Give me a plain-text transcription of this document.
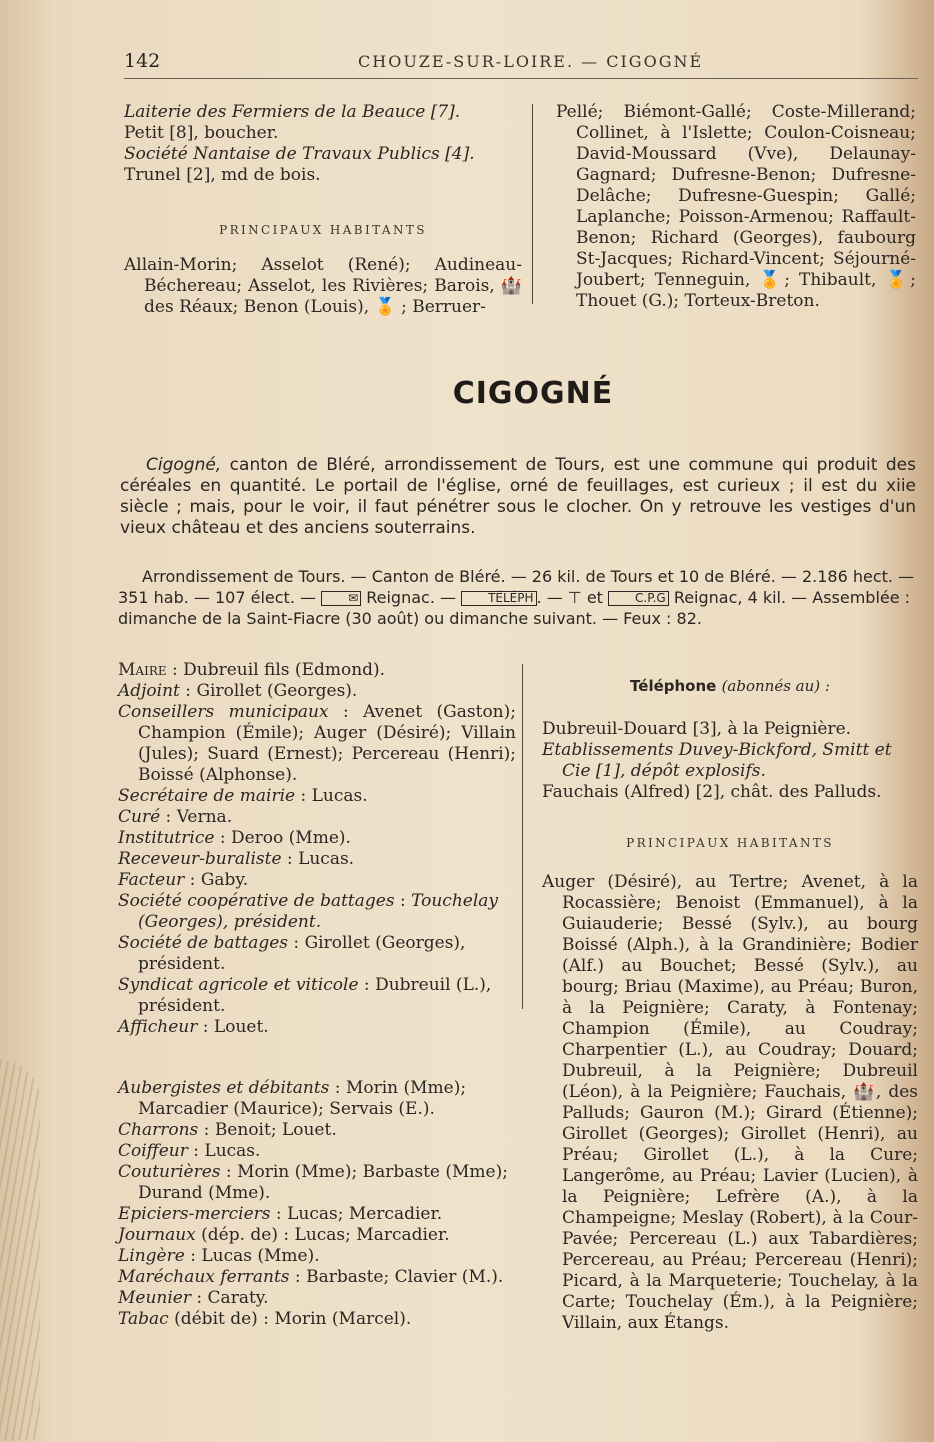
142	CHOUZE-SUR-LOIRE. — CIGOGNÉ

Laiterie des Fermiers de la Beauce [7].

Petit [8], boucher.

Société Nantaise de Travaux Publics [4].

Trunel [2], md de bois.

PRINCIPAUX HABITANTS

Allain-Morin; Asselot (René); Audineau-Béchereau; Asselot, les Rivières; Barois, 🏰 des Réaux; Benon (Louis), 🏅 ; Berruer-

Pellé; Biémont-Gallé; Coste-Millerand; Collinet, à l'Islette; Coulon-Coisneau; David-Moussard (Vve), Delaunay-Gagnard; Dufresne-Benon; Dufresne-Delâche; Dufresne-Guespin; Gallé; Laplanche; Poisson-Armenou; Raffault-Benon; Richard (Georges), faubourg St-Jacques; Richard-Vincent; Séjourné-Joubert; Tenneguin, 🏅; Thibault, 🏅; Thouet (G.); Torteux-Breton.

CIGOGNÉ

Cigogné, canton de Bléré, arrondissement de Tours, est une commune qui produit des céréales en quantité. Le portail de l'église, orné de feuillages, est curieux ; il est du xiie siècle ; mais, pour le voir, il faut pénétrer sous le clocher. On y retrouve les vestiges d'un vieux château et des anciens souterrains.

Arrondissement de Tours. — Canton de Bléré. — 26 kil. de Tours et 10 de Bléré. — 2.186 hect. — 351 hab. — 107 élect. — ✉ Reignac. — TÉLÉPH . — ⊤ et C.P.G Reignac, 4 kil. — Assemblée : dimanche de la Saint-Fiacre (30 août) ou dimanche suivant. — Feux : 82.

Maire : Dubreuil fils (Edmond).

Adjoint : Girollet (Georges).

Conseillers municipaux : Avenet (Gaston); Champion (Émile); Auger (Désiré); Villain (Jules); Suard (Ernest); Percereau (Henri); Boissé (Alphonse).

Secrétaire de mairie : Lucas.

Curé : Verna.

Institutrice : Deroo (Mme).

Receveur-buraliste : Lucas.

Facteur : Gaby.

Société coopérative de battages : Touchelay (Georges), président.

Société de battages : Girollet (Georges), président.

Syndicat agricole et viticole : Dubreuil (L.), président.

Afficheur : Louet.

Aubergistes et débitants : Morin (Mme); Marcadier (Maurice); Servais (E.).

Charrons : Benoit; Louet.

Coiffeur : Lucas.

Couturières : Morin (Mme); Barbaste (Mme); Durand (Mme).

Epiciers-merciers : Lucas; Mercadier.

Journaux (dép. de) : Lucas; Marcadier.

Lingère : Lucas (Mme).

Maréchaux ferrants : Barbaste; Clavier (M.).

Meunier : Caraty.

Tabac (débit de) : Morin (Marcel).

Téléphone (abonnés au) :

Dubreuil-Douard [3], à la Peignière.

Etablissements Duvey-Bickford, Smitt et Cie [1], dépôt explosifs.

Fauchais (Alfred) [2], chât. des Palluds.

PRINCIPAUX HABITANTS

Auger (Désiré), au Tertre; Avenet, à la Rocassière; Benoist (Emmanuel), à la Guiauderie; Bessé (Sylv.), au bourg Boissé (Alph.), à la Grandinière; Bodier (Alf.) au Bouchet; Bessé (Sylv.), au bourg; Briau (Maxime), au Préau; Buron, à la Peignière; Caraty, à Fontenay; Champion (Émile), au Coudray; Charpentier (L.), au Coudray; Douard; Dubreuil, à la Peignière; Dubreuil (Léon), à la Peignière; Fauchais, 🏰, des Palluds; Gauron (M.); Girard (Étienne); Girollet (Georges); Girollet (Henri), au Préau; Girollet (L.), à la Cure; Langerôme, au Préau; Lavier (Lucien), à la Peignière; Lefrère (A.), à la Champeigne; Meslay (Robert), à la Cour-Pavée; Percereau (L.) aux Tabardières; Percereau, au Préau; Percereau (Henri); Picard, à la Marqueterie; Touchelay, à la Carte; Touchelay (Ém.), à la Peignière; Villain, aux Étangs.
